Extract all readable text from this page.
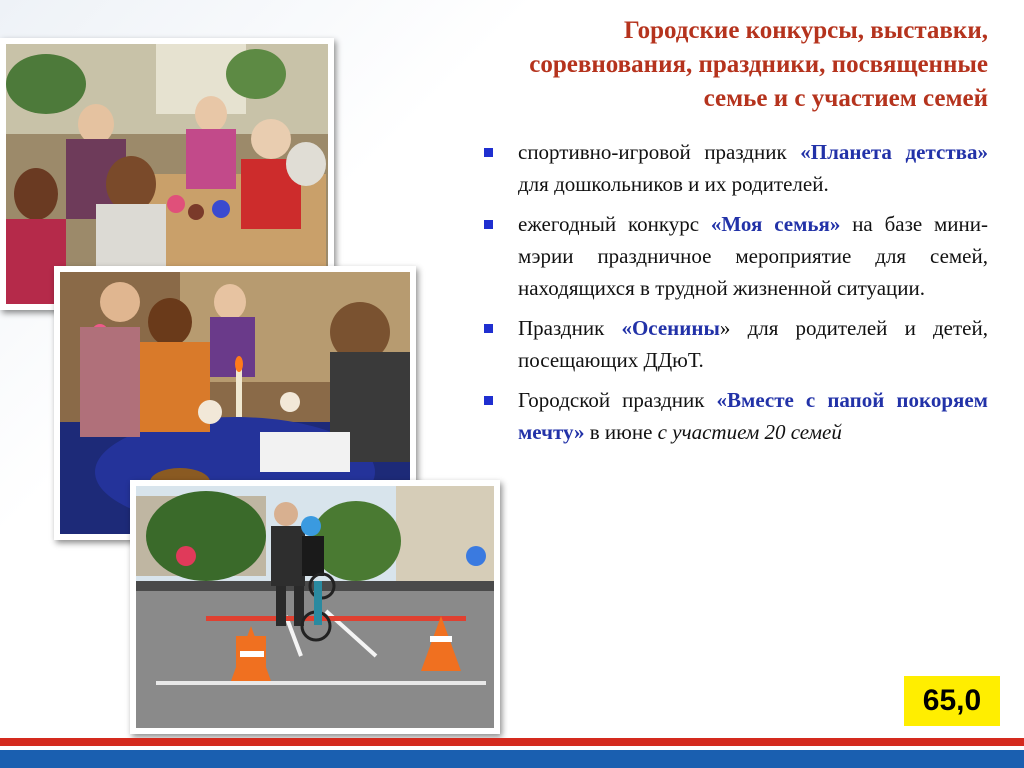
Городские конкурсы, выставки,
соревнования, праздники, посвященные
семье и с участием семей
спортивно-игровой праздник «Планета детства» для дошкольников и их родителей.
ежегодный конкурс «Моя семья» на базе мини-мэрии праздничное мероприятие для семей, находящихся в трудной жизненной ситуации.
Праздник «Осенины» для родителей и детей, посещающих ДДюТ.
Городской праздник «Вместе с папой покоряем мечту» в июне с участием 20 семей
65,0
